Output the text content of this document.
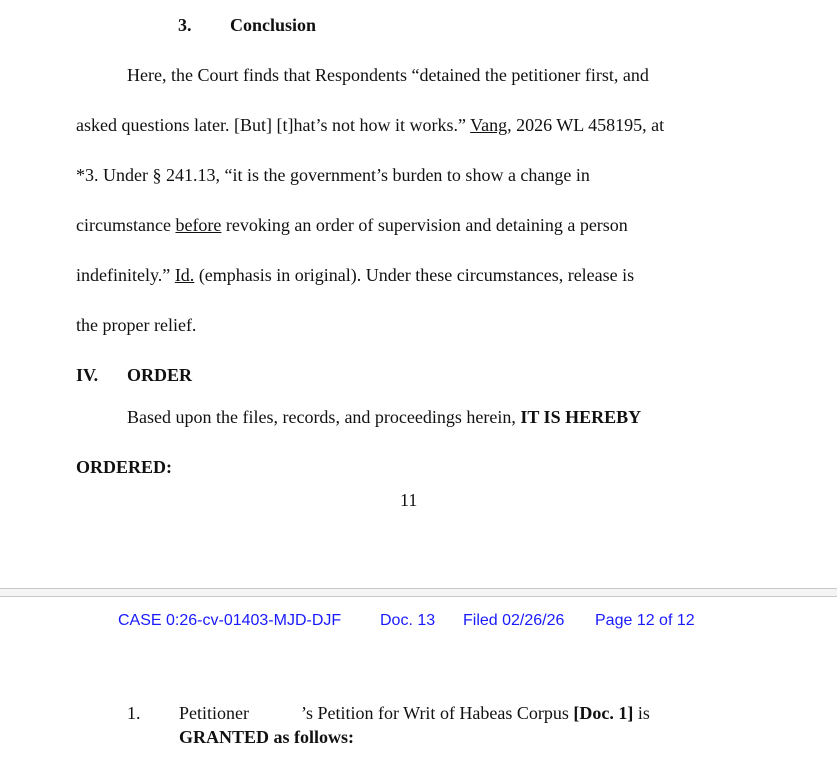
3. Conclusion
Here, the Court finds that Respondents “detained the petitioner first, and
asked questions later. [But] [t]hat’s not how it works.” Vang, 2026 WL 458195, at
*3. Under § 241.13, “it is the government’s burden to show a change in
circumstance before revoking an order of supervision and detaining a person
indefinitely.” Id. (emphasis in original). Under these circumstances, release is
the proper relief.
IV. ORDER
Based upon the files, records, and proceedings herein, IT IS HEREBY
ORDERED:
11
CASE 0:26-cv-01403-MJD-DJF Doc. 13 Filed 02/26/26 Page 12 of 12
1. Petitioner	’s Petition for Writ of Habeas Corpus [Doc. 1] is
GRANTED as follows:
